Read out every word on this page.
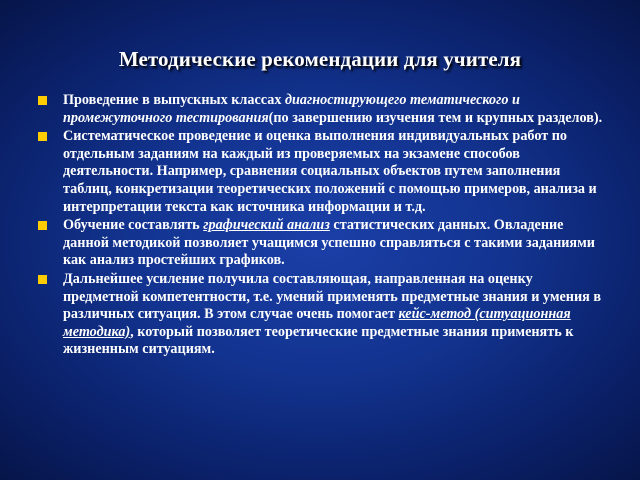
Методические рекомендации для учителя
Проведение в выпускных классах диагностирующего тематического и промежуточного тестирования(по завершению изучения тем и крупных разделов).
Систематическое проведение и оценка выполнения индивидуальных работ по отдельным заданиям на каждый из проверяемых на экзамене способов деятельности. Например, сравнения социальных объектов путем заполнения таблиц, конкретизации теоретических положений с помощью примеров, анализа и интерпретации текста как источника информации и т.д.
Обучение составлять графический анализ статистических данных. Овладение данной методикой позволяет учащимся успешно справляться с такими заданиями как анализ простейших графиков.
Дальнейшее усиление получила составляющая, направленная на оценку предметной компетентности, т.е. умений применять предметные знания и умения в различных ситуация. В этом случае очень помогает кейс-метод (ситуационная методика), который позволяет теоретические предметные знания применять к жизненным ситуациям.
